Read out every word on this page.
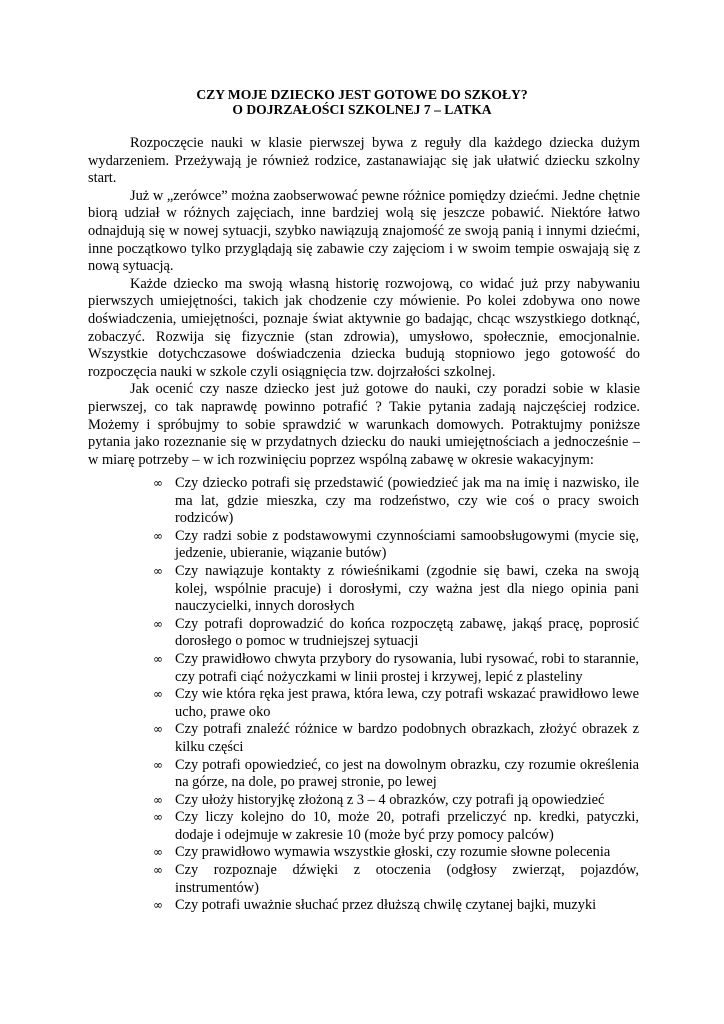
CZY MOJE DZIECKO JEST GOTOWE DO SZKOŁY?
O DOJRZAŁOŚCI SZKOLNEJ 7 – LATKA

Rozpoczęcie nauki w klasie pierwszej bywa z reguły dla każdego dziecka dużym wydarzeniem. Przeżywają je również rodzice, zastanawiając się jak ułatwić dziecku szkolny start.

Już w „zerówce” można zaobserwować pewne różnice pomiędzy dziećmi. Jedne chętnie biorą udział w różnych zajęciach, inne bardziej wolą się jeszcze pobawić. Niektóre łatwo odnajdują się w nowej sytuacji, szybko nawiązują znajomość ze swoją panią i innymi dziećmi, inne początkowo tylko przyglądają się zabawie czy zajęciom i w swoim tempie oswajają się z nową sytuacją.

Każde dziecko ma swoją własną historię rozwojową, co widać już przy nabywaniu pierwszych umiejętności, takich jak chodzenie czy mówienie. Po kolei zdobywa ono nowe doświadczenia, umiejętności, poznaje świat aktywnie go badając, chcąc wszystkiego dotknąć, zobaczyć. Rozwija się fizycznie (stan zdrowia), umysłowo, społecznie, emocjonalnie. Wszystkie dotychczasowe doświadczenia dziecka budują stopniowo jego gotowość do rozpoczęcia nauki w szkole czyli osiągnięcia tzw. dojrzałości szkolnej.

Jak ocenić czy nasze dziecko jest już gotowe do nauki, czy poradzi sobie w klasie pierwszej, co tak naprawdę powinno potrafić ? Takie pytania zadają najczęściej rodzice. Możemy i spróbujmy to sobie sprawdzić w warunkach domowych. Potraktujmy poniższe pytania jako rozeznanie się w przydatnych dziecku do nauki umiejętnościach a jednocześnie – w miarę potrzeby – w ich rozwinięciu poprzez wspólną zabawę w okresie wakacyjnym:

∞ Czy dziecko potrafi się przedstawić (powiedzieć jak ma na imię i nazwisko, ile ma lat, gdzie mieszka, czy ma rodzeństwo, czy wie coś o pracy swoich rodziców)
∞ Czy radzi sobie z podstawowymi czynnościami samoobsługowymi (mycie się, jedzenie, ubieranie, wiązanie butów)
∞ Czy nawiązuje kontakty z rówieśnikami (zgodnie się bawi, czeka na swoją kolej, wspólnie pracuje) i dorosłymi, czy ważna jest dla niego opinia pani nauczycielki, innych dorosłych
∞ Czy potrafi doprowadzić do końca rozpoczętą zabawę, jakąś pracę, poprosić dorosłego o pomoc w trudniejszej sytuacji
∞ Czy prawidłowo chwyta przybory do rysowania, lubi rysować, robi to starannie, czy potrafi ciąć nożyczkami w linii prostej i krzywej, lepić z plasteliny
∞ Czy wie która ręka jest prawa, która lewa, czy potrafi wskazać prawidłowo lewe ucho, prawe oko
∞ Czy potrafi znaleźć różnice w bardzo podobnych obrazkach, złożyć obrazek z kilku części
∞ Czy potrafi opowiedzieć, co jest na dowolnym obrazku, czy rozumie określenia na górze, na dole, po prawej stronie, po lewej
∞ Czy ułoży historyjkę złożoną z 3 – 4 obrazków, czy potrafi ją opowiedzieć
∞ Czy liczy kolejno do 10, może 20, potrafi przeliczyć np. kredki, patyczki, dodaje i odejmuje w zakresie 10 (może być przy pomocy palców)
∞ Czy prawidłowo wymawia wszystkie głoski, czy rozumie słowne polecenia
∞ Czy rozpoznaje dźwięki z otoczenia (odgłosy zwierząt, pojazdów, instrumentów)
∞ Czy potrafi uważnie słuchać przez dłuższą chwilę czytanej bajki, muzyki
